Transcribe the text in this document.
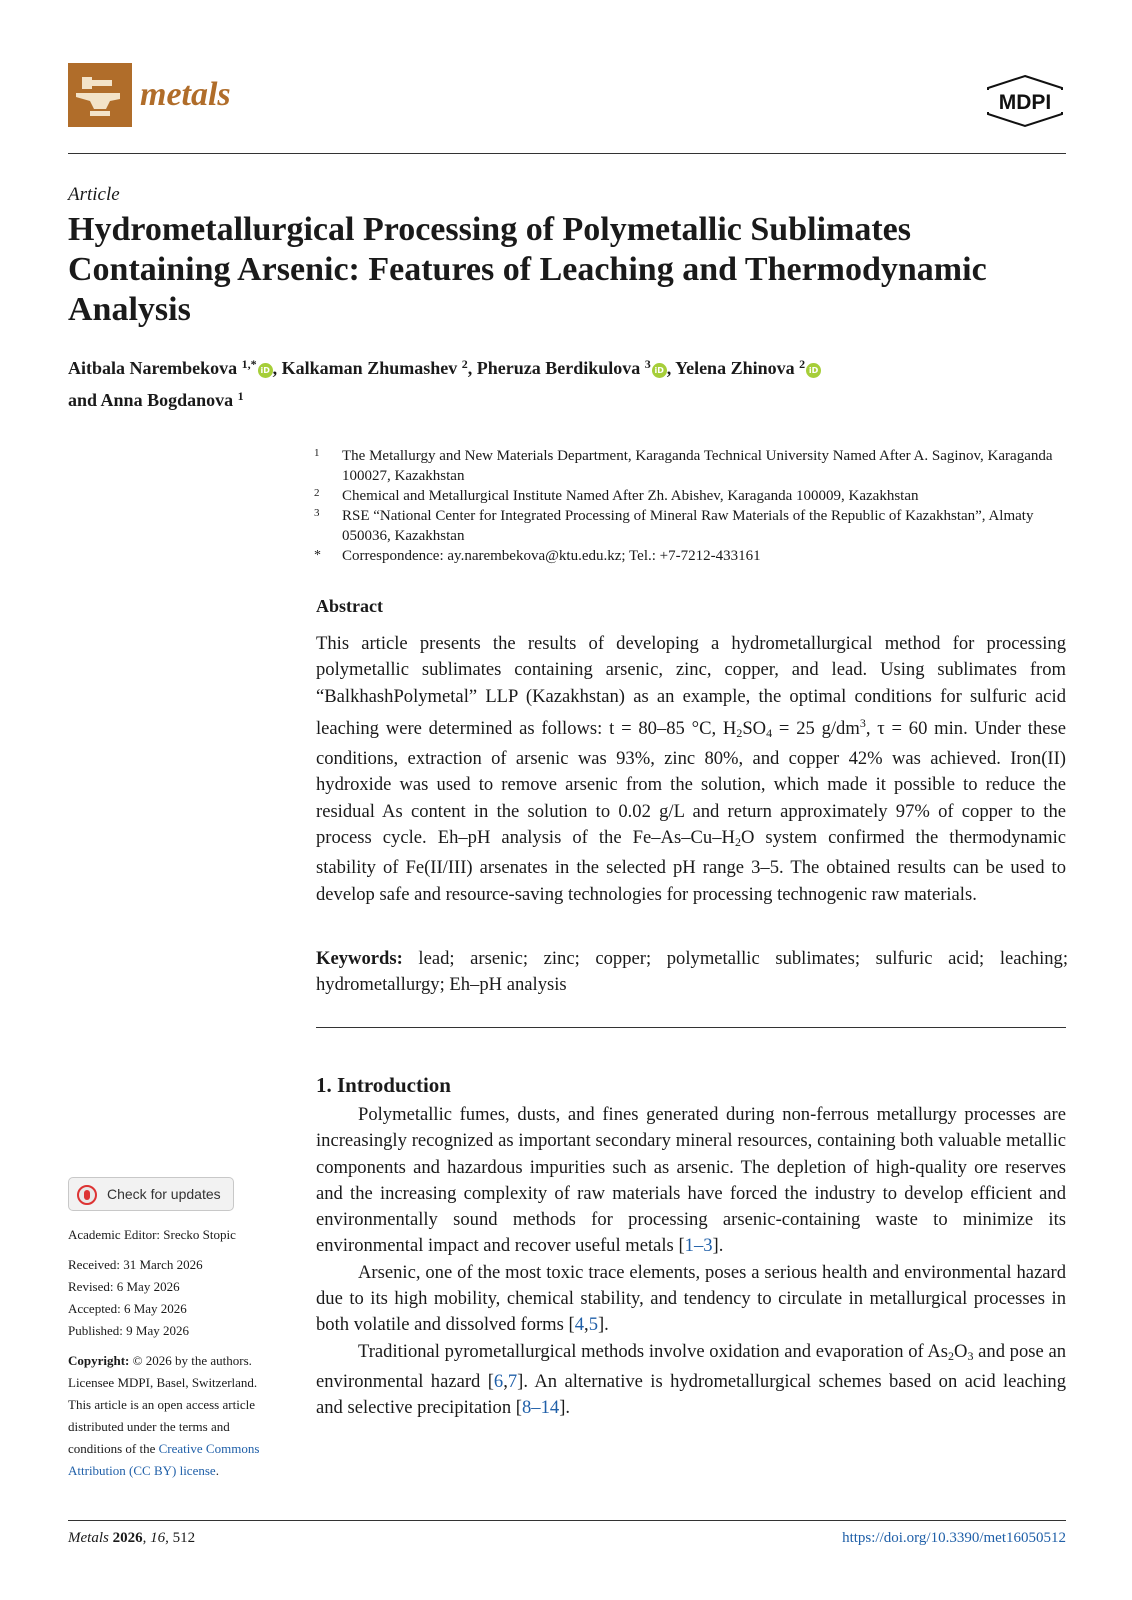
metals	MDPI
Article
Hydrometallurgical Processing of Polymetallic Sublimates Containing Arsenic: Features of Leaching and Thermodynamic Analysis
Aitbala Narembekova $^{1,*}$ iD , Kalkaman Zhumashev $^2$, Pheruza Berdikulova $^3$ iD , Yelena Zhinova $^2$ iD
and Anna Bogdanova $^1$
1 The Metallurgy and New Materials Department, Karaganda Technical University Named After A. Saginov, Karaganda 100027, Kazakhstan
2 Chemical and Metallurgical Institute Named After Zh. Abishev, Karaganda 100009, Kazakhstan
3 RSE “National Center for Integrated Processing of Mineral Raw Materials of the Republic of Kazakhstan”, Almaty 050036, Kazakhstan
* Correspondence: ay.narembekova@ktu.edu.kz; Tel.: +7-7212-433161
Abstract
This article presents the results of developing a hydrometallurgical method for processing polymetallic sublimates containing arsenic, zinc, copper, and lead. Using sublimates from “BalkhashPolymetal” LLP (Kazakhstan) as an example, the optimal conditions for sulfuric acid leaching were determined as follows: t = 80–85 °C, $H_2SO_4 = 25$ $g/dm^3$, τ = 60 min. Under these conditions, extraction of arsenic was 93%, zinc 80%, and copper 42% was achieved. Iron(II) hydroxide was used to remove arsenic from the solution, which made it possible to reduce the residual As content in the solution to 0.02 g/L and return approximately 97% of copper to the process cycle. Eh–pH analysis of the $Fe-As-Cu-H_2O$ system confirmed the thermodynamic stability of Fe(II/III) arsenates in the selected pH range 3–5. The obtained results can be used to develop safe and resource-saving technologies for processing technogenic raw materials.
Keywords: lead; arsenic; zinc; copper; polymetallic sublimates; sulfuric acid; leaching; hydrometallurgy; Eh–pH analysis
1. Introduction

Polymetallic fumes, dusts, and fines generated during non-ferrous metallurgy processes are increasingly recognized as important secondary mineral resources, containing both valuable metallic components and hazardous impurities such as arsenic. The depletion of high-quality ore reserves and the increasing complexity of raw materials have forced the industry to develop efficient and environmentally sound methods for processing arsenic-containing waste to minimize its environmental impact and recover useful metals [1–3].

Arsenic, one of the most toxic trace elements, poses a serious health and environmental hazard due to its high mobility, chemical stability, and tendency to circulate in metallurgical processes in both volatile and dissolved forms [4,5].

Traditional pyrometallurgical methods involve oxidation and evaporation of $As_2O_3$ and pose an environmental hazard [6,7]. An alternative is hydrometallurgical schemes based on acid leaching and selective precipitation [8–14].

Check for updates
Academic Editor: Srecko Stopic
Received: 31 March 2026
Revised: 6 May 2026
Accepted: 6 May 2026
Published: 9 May 2026
Copyright: © 2026 by the authors.
Licensee MDPI, Basel, Switzerland.
This article is an open access article
distributed under the terms and
conditions of the Creative Commons
Attribution (CC BY) license.
Metals 2026, 16, 512	https://doi.org/10.3390/met16050512
